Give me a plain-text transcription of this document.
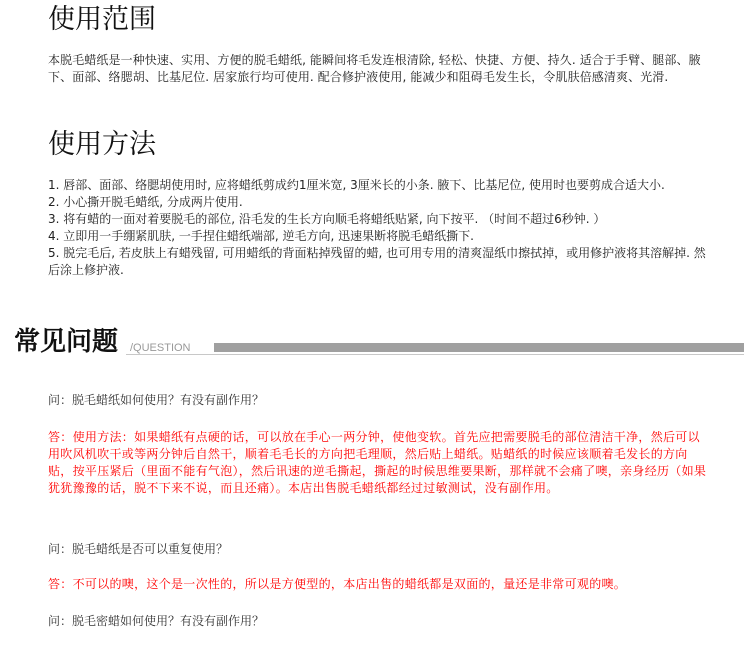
使用范围

本脱毛蜡纸是一种快速、实用、方便的脱毛蜡纸, 能瞬间将毛发连根清除, 轻松、快捷、方便、持久. 适合于手臂、腿部、腋下、面部、络腮胡、比基尼位. 居家旅行均可使用. 配合修护液使用, 能减少和阻碍毛发生长，令肌肤倍感清爽、光滑.

使用方法
1. 唇部、面部、络腮胡使用时, 应将蜡纸剪成约1厘米宽, 3厘米长的小条. 腋下、比基尼位, 使用时也要剪成合适大小.
2. 小心撕开脱毛蜡纸, 分成两片使用.
3. 将有蜡的一面对着要脱毛的部位, 沿毛发的生长方向顺毛将蜡纸贴紧, 向下按平. （时间不超过6秒钟. ）
4. 立即用一手绷紧肌肤, 一手捏住蜡纸端部, 逆毛方向, 迅速果断将脱毛蜡纸撕下.
5. 脱完毛后, 若皮肤上有蜡残留, 可用蜡纸的背面粘掉残留的蜡, 也可用专用的清爽湿纸巾擦拭掉，或用修护液将其溶解掉. 然后涂上修护液.
常见问题 /QUESTION

问：脱毛蜡纸如何使用？有没有副作用？

答：使用方法：如果蜡纸有点硬的话，可以放在手心一两分钟，使他变软。首先应把需要脱毛的部位清洁干净，然后可以用吹风机吹干或等两分钟后自然干，顺着毛毛长的方向把毛理顺，然后贴上蜡纸。贴蜡纸的时候应该顺着毛发长的方向贴，按平压紧后（里面不能有气泡），然后讯速的逆毛撕起，撕起的时候思维要果断，那样就不会痛了噢，亲身经历（如果犹犹豫豫的话，脱不下来不说，而且还痛）。本店出售脱毛蜡纸都经过过敏测试，没有副作用。

问：脱毛蜡纸是否可以重复使用？

答：不可以的噢，这个是一次性的，所以是方便型的，本店出售的蜡纸都是双面的，量还是非常可观的噢。

问：脱毛密蜡如何使用？有没有副作用？
